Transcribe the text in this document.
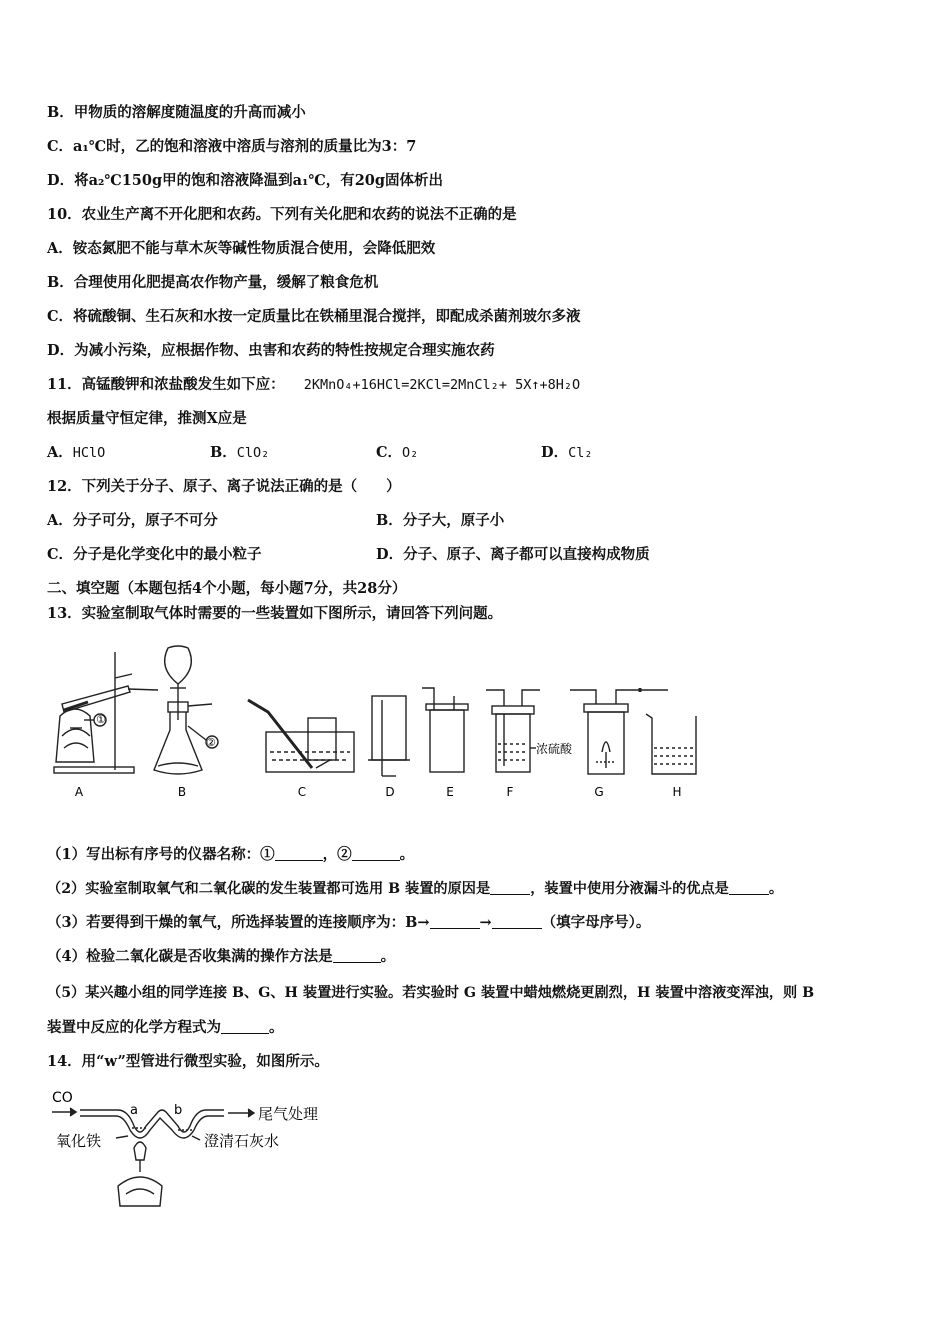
B．甲物质的溶解度随温度的升高而减小
C．a₁℃时，乙的饱和溶液中溶质与溶剂的质量比为3：7
D．将a₂℃150g甲的饱和溶液降温到a₁℃，有20g固体析出
10．农业生产离不开化肥和农药。下列有关化肥和农药的说法不正确的是
A．铵态氮肥不能与草木灰等碱性物质混合使用，会降低肥效
B．合理使用化肥提高农作物产量，缓解了粮食危机
C．将硫酸铜、生石灰和水按一定质量比在铁桶里混合搅拌，即配成杀菌剂玻尔多液
D．为减小污染，应根据作物、虫害和农药的特性按规定合理实施农药
11．高锰酸钾和浓盐酸发生如下应： 2KMnO₄+16HCl=2KCl=2MnCl₂+ 5X↑+8H₂O
根据质量守恒定律，推测X应是
A．HClO	B．ClO₂	C．O₂	D．Cl₂
12．下列关于分子、原子、离子说法正确的是（　　）
A．分子可分，原子不可分	B．分子大，原子小
C．分子是化学变化中的最小粒子	D．分子、原子、离子都可以直接构成物质
二、填空题（本题包括4个小题，每小题7分，共28分）
13．实验室制取气体时需要的一些装置如下图所示，请回答下列问题。
①
②	浓硫酸
A	B	C	D	E	F	G	H
（1）写出标有序号的仪器名称：①	，②	。
（2）实验室制取氧气和二氧化碳的发生装置都可选用 B 装置的原因是	，装置中使用分液漏斗的优点是	。
（3）若要得到干燥的氧气，所选择装置的连接顺序为：B→	→	（填字母序号）。
（4）检验二氧化碳是否收集满的操作方法是	。
（5）某兴趣小组的同学连接 B、G、H 装置进行实验。若实验时 G 装置中蜡烛燃烧更剧烈，H 装置中溶液变浑浊，则 B
装置中反应的化学方程式为	。
14．用“w”型管进行微型实验，如图所示。
CO
a	b	尾气处理
氧化铁	澄清石灰水
